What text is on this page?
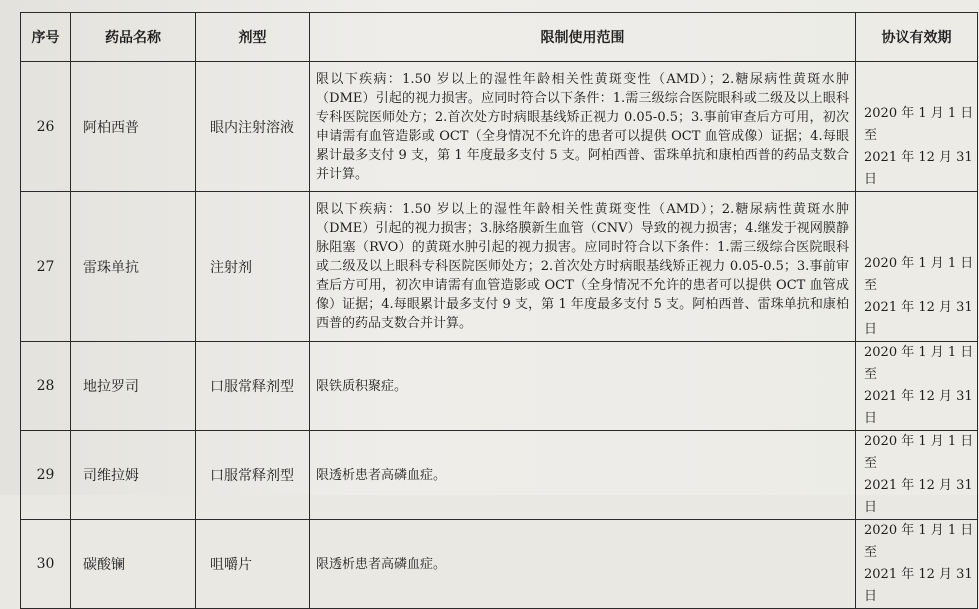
序号	药品名称	剂型	限制使用范围	协议有效期
26	阿柏西普	眼内注射溶液	限以下疾病：1.50 岁以上的湿性年龄相关性黄斑变性（AMD）；2.糖尿病性黄斑水肿（DME）引起的视力损害。应同时符合以下条件：1.需三级综合医院眼科或二级及以上眼科专科医院医师处方；2.首次处方时病眼基线矫正视力 0.05-0.5；3.事前审查后方可用，初次申请需有血管造影或 OCT（全身情况不允许的患者可以提供 OCT 血管成像）证据；4.每眼累计最多支付 9 支，第 1 年度最多支付 5 支。阿柏西普、雷珠单抗和康柏西普的药品支数合并计算。	2020 年 1 月 1 日至
2021 年 12 月 31 日

27	雷珠单抗	注射剂	限以下疾病：1.50 岁以上的湿性年龄相关性黄斑变性（AMD）；2.糖尿病性黄斑水肿（DME）引起的视力损害；3.脉络膜新生血管（CNV）导致的视力损害；4.继发于视网膜静脉阻塞（RVO）的黄斑水肿引起的视力损害。应同时符合以下条件：1.需三级综合医院眼科或二级及以上眼科专科医院医师处方；2.首次处方时病眼基线矫正视力 0.05-0.5；3.事前审查后方可用，初次申请需有血管造影或 OCT（全身情况不允许的患者可以提供 OCT 血管成像）证据；4.每眼累计最多支付 9 支，第 1 年度最多支付 5 支。阿柏西普、雷珠单抗和康柏西普的药品支数合并计算。	2020 年 1 月 1 日至
2021 年 12 月 31 日

28	地拉罗司	口服常释剂型	限铁质积聚症。	2020 年 1 月 1 日至
2021 年 12 月 31 日

29	司维拉姆	口服常释剂型	限透析患者高磷血症。	2020 年 1 月 1 日至
2021 年 12 月 31 日

30	碳酸镧	咀嚼片	限透析患者高磷血症。	2020 年 1 月 1 日至
2021 年 12 月 31 日
